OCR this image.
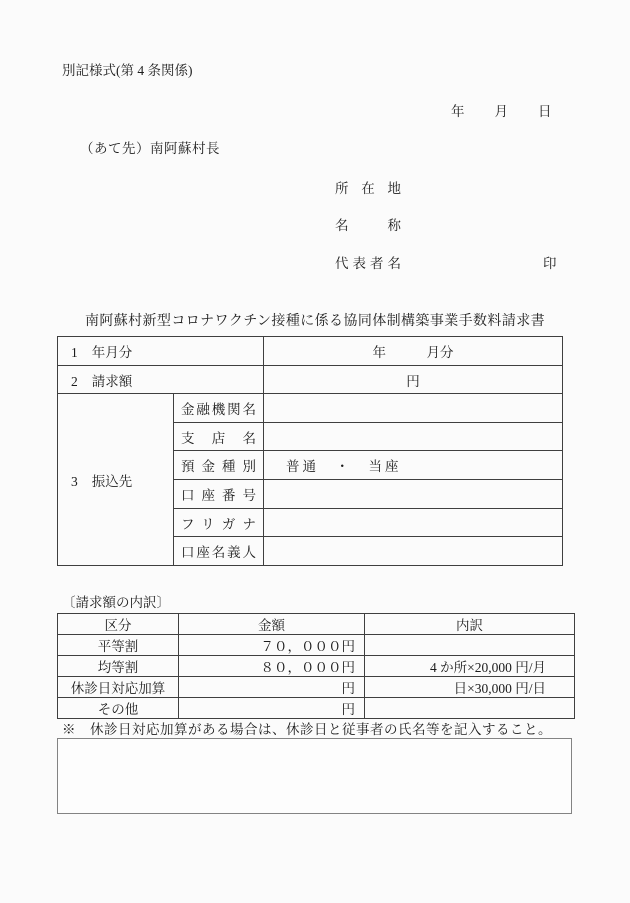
別記様式(第 4 条関係)
年　　月　　日
（あて先）南阿蘇村長
所在地
名称
代表者名	印
南阿蘇村新型コロナワクチン接種に係る協同体制構築事業手数料請求書
1 年月分		年　　　月分
2 請求額		円
3 振込先	金融機関名	
	支店名	
	預金種別	普通　・　当座
	口座番号	
	フリガナ	
	口座名義人	
〔請求額の内訳〕
区分	金額	内訳
平等割	７０，０００円	
均等割	８０，０００円	4 か所×20,000 円/月
休診日対応加算	円	日×30,000 円/日
その他	円	
※　休診日対応加算がある場合は、休診日と従事者の氏名等を記入すること。
